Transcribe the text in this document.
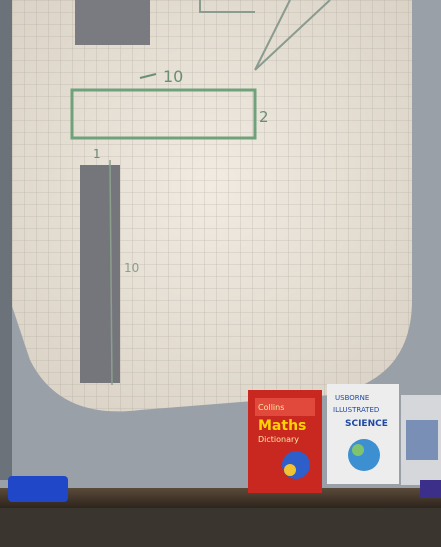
10
2
1
10
Collins
Maths
Dictionary
USBORNE
ILLUSTRATED
SCIENCE
